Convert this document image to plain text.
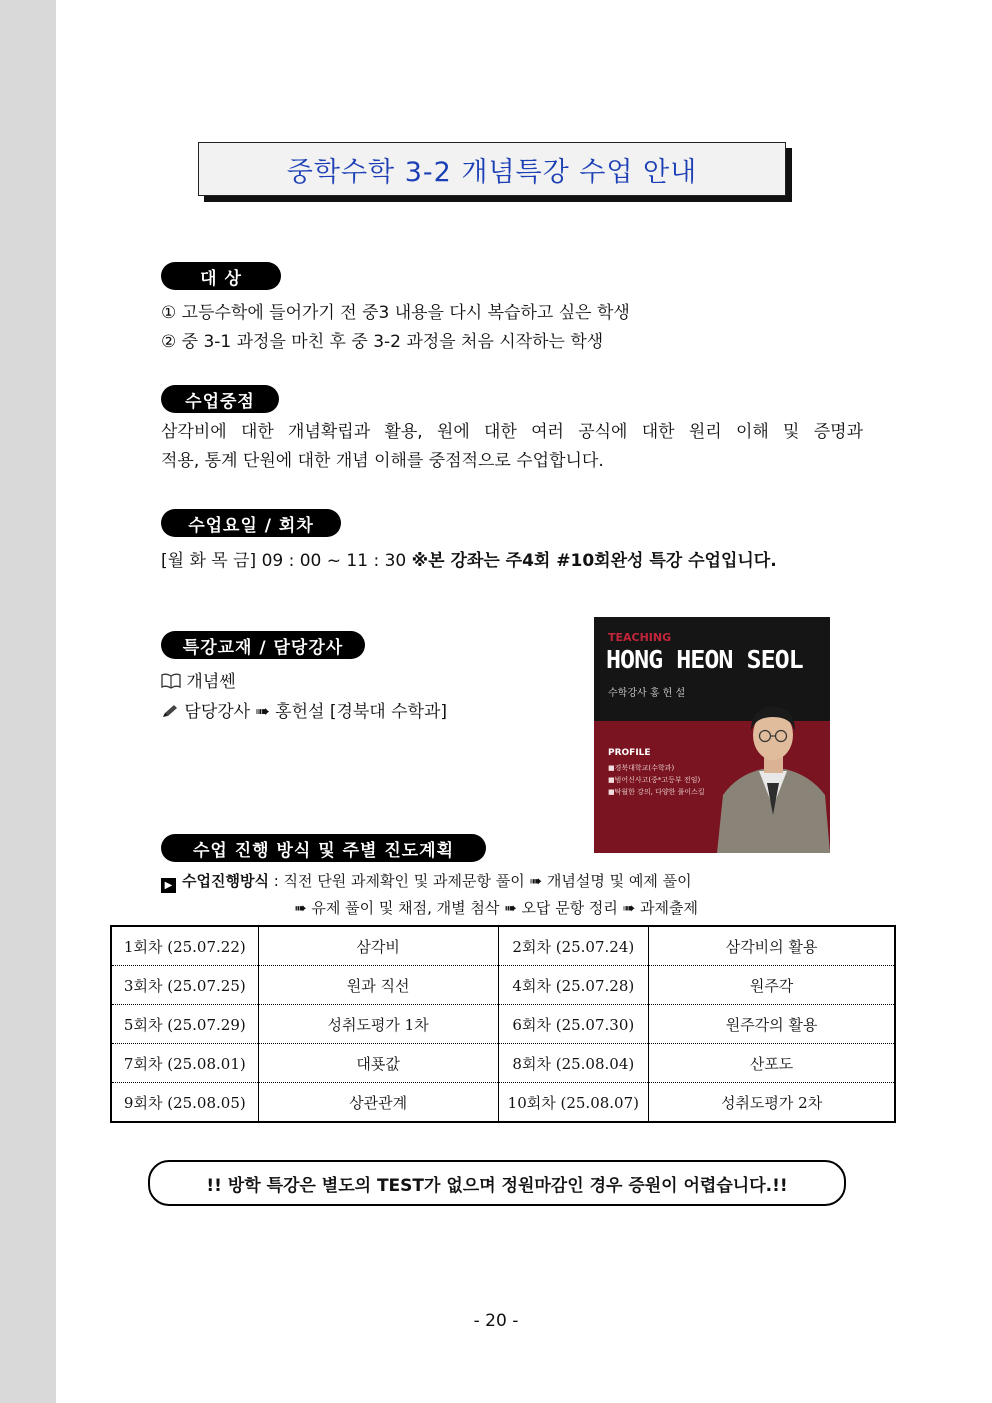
중학수학 3-2 개념특강 수업 안내
대 상
① 고등수학에 들어가기 전 중3 내용을 다시 복습하고 싶은 학생
② 중 3-1 과정을 마친 후 중 3-2 과정을 처음 시작하는 학생
수업중점
삼각비에 대한 개념확립과 활용, 원에 대한 여러 공식에 대한 원리 이해 및 증명과
적용, 통계 단원에 대한 개념 이해를 중점적으로 수업합니다.
수업요일 / 회차
[월 화 목 금] 09 : 00 ~ 11 : 30 ※본 강좌는 주4회 #10회완성 특강 수업입니다.
특강교재 / 담당강사
개념쎈
담당강사 ➠ 홍헌설 [경북대 수학과]
TEACHING
HONG HEON SEOL
수학강사 홍 헌 설
PROFILE
■경북대학교(수학과)
■범어신사고(중*고등부 전임)
■탁월한 강의, 다양한 풀이스킬
수업 진행 방식 및 주별 진도계획
▶ 수업진행방식 : 직전 단원 과제확인 및 과제문항 풀이 ➠ 개념설명 및 예제 풀이
➠ 유제 풀이 및 채점, 개별 첨삭 ➠ 오답 문항 정리 ➠ 과제출제
1회차 (25.07.22)	삼각비	2회차 (25.07.24)	삼각비의 활용
3회차 (25.07.25)	원과 직선	4회차 (25.07.28)	원주각
5회차 (25.07.29)	성취도평가 1차	6회차 (25.07.30)	원주각의 활용
7회차 (25.08.01)	대푯값	8회차 (25.08.04)	산포도
9회차 (25.08.05)	상관관계	10회차 (25.08.07)	성취도평가 2차
!! 방학 특강은 별도의 TEST가 없으며 정원마감인 경우 증원이 어렵습니다.!!
- 20 -
